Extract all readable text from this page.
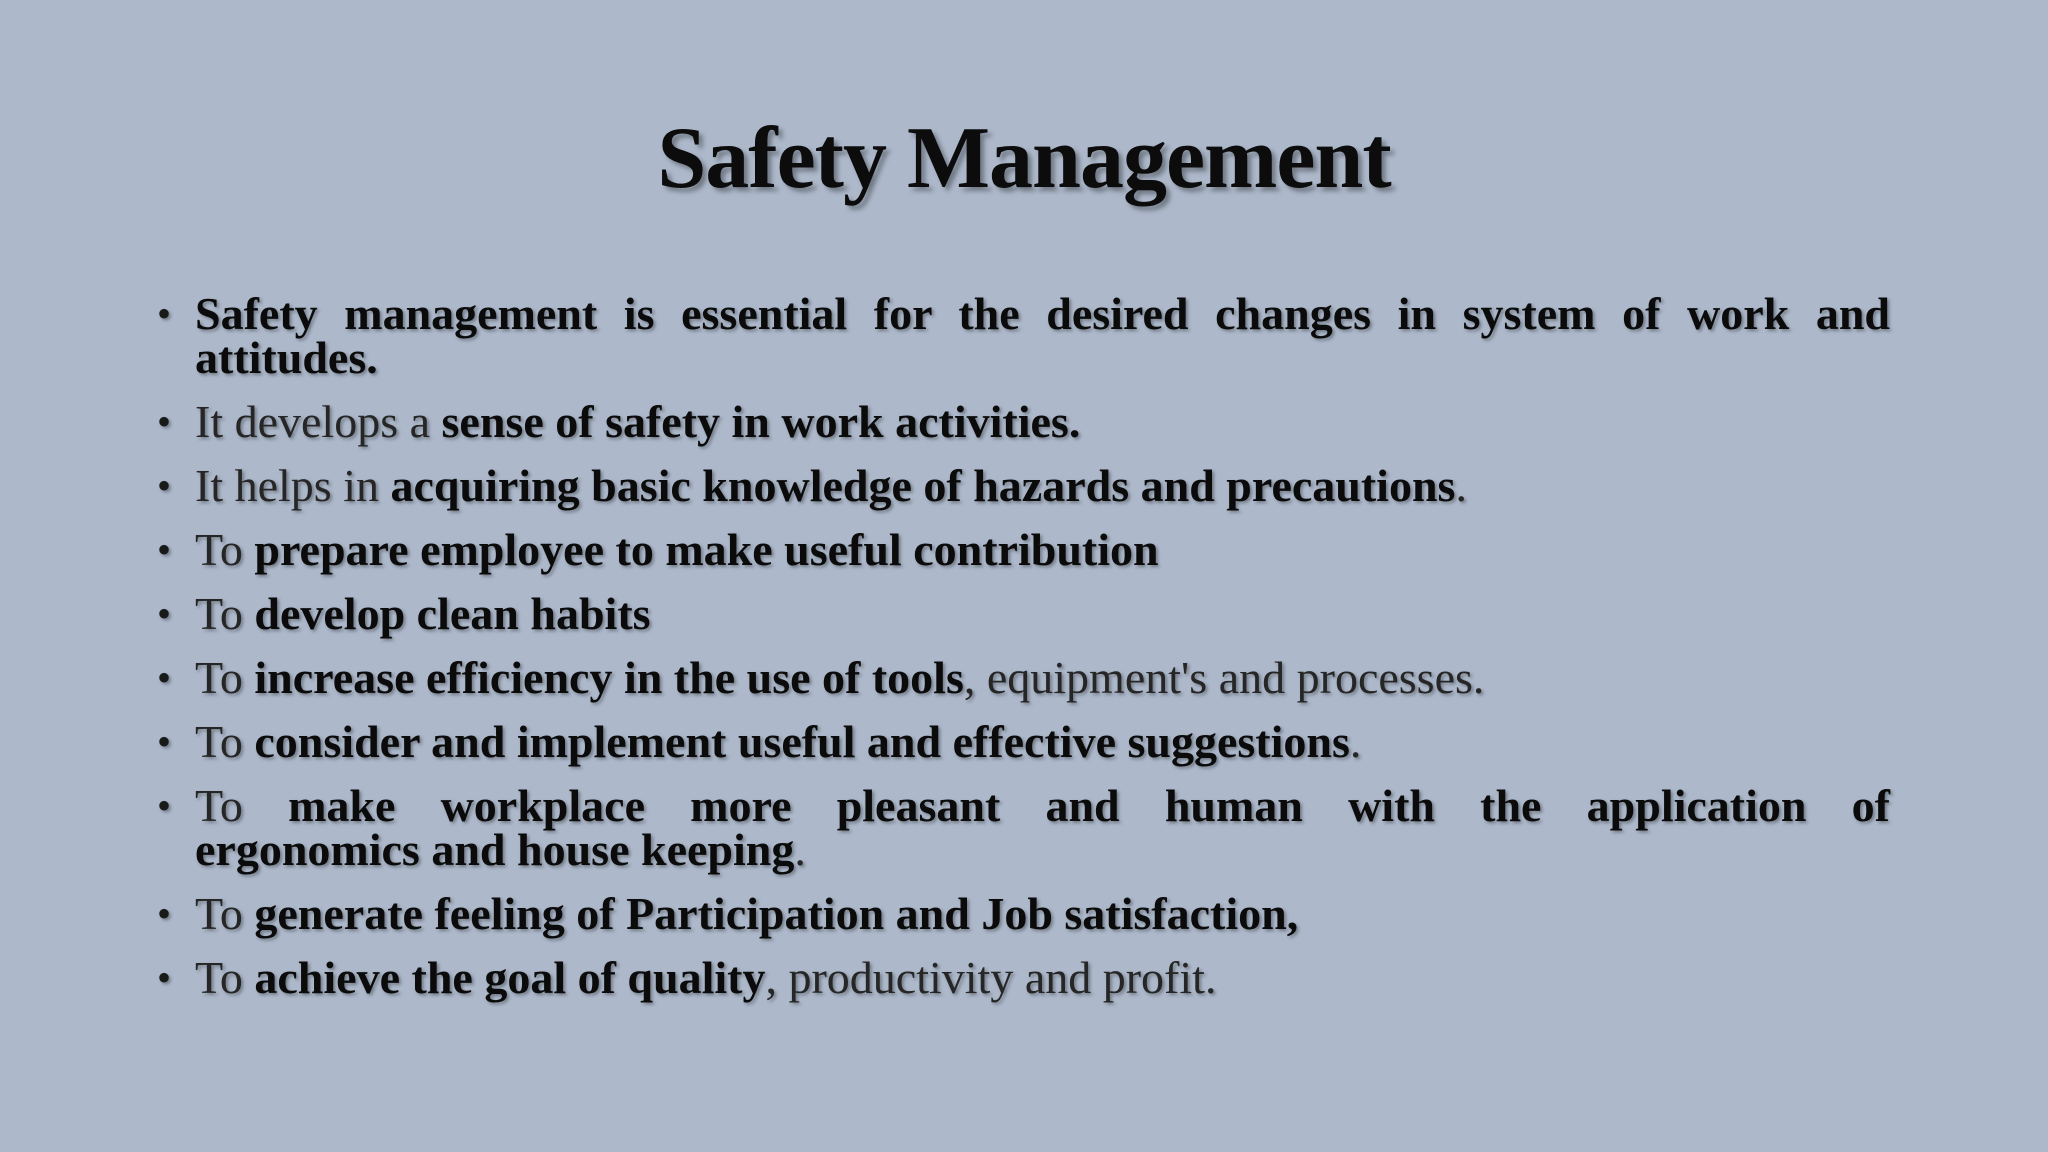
Safety Management
• Safety management is essential for the desired changes in system of work and
attitudes.
• It develops a sense of safety in work activities.
• It helps in acquiring basic knowledge of hazards and precautions.
• To prepare employee to make useful contribution
• To develop clean habits
• To increase efficiency in the use of tools, equipment's and processes.
• To consider and implement useful and effective suggestions.
• To make workplace more pleasant and human with the application of
ergonomics and house keeping.
• To generate feeling of Participation and Job satisfaction,
• To achieve the goal of quality, productivity and profit.
